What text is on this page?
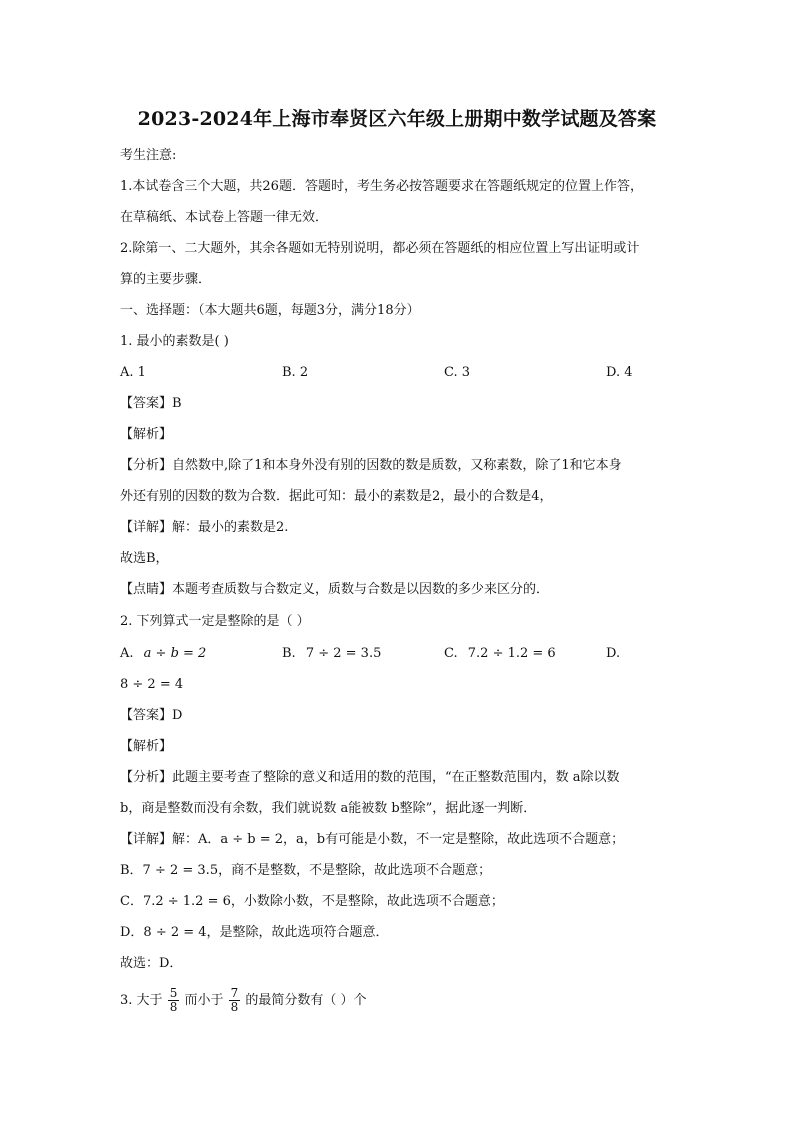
2023-2024年上海市奉贤区六年级上册期中数学试题及答案
考生注意:
1.本试卷含三个大题，共26题．答题时，考生务必按答题要求在答题纸规定的位置上作答，
在草稿纸、本试卷上答题一律无效．
2.除第一、二大题外，其余各题如无特别说明，都必须在答题纸的相应位置上写出证明或计
算的主要步骤．
一、选择题：（本大题共6题，每题3分，满分18分）
1. 最小的素数是( )
A. 1	B. 2	C. 3	D. 4
【答案】B
【解析】
【分析】自然数中,除了1和本身外没有别的因数的数是质数，又称素数，除了1和它本身
外还有别的因数的数为合数．据此可知：最小的素数是2，最小的合数是4，
【详解】解：最小的素数是2.
故选B，
【点睛】本题考查质数与合数定义，质数与合数是以因数的多少来区分的．
2. 下列算式一定是整除的是（ ）
A. a ÷ b = 2	B. 7 ÷ 2 = 3.5	C. 7.2 ÷ 1.2 = 6	D.
8 ÷ 2 = 4
【答案】D
【解析】
【分析】此题主要考查了整除的意义和适用的数的范围，“在正整数范围内，数 a除以数
b，商是整数而没有余数，我们就说数 a能被数 b整除”，据此逐一判断．
【详解】解：A．a ÷ b = 2，a，b有可能是小数，不一定是整除，故此选项不合题意；
B．7 ÷ 2 = 3.5，商不是整数，不是整除，故此选项不合题意；
C．7.2 ÷ 1.2 = 6，小数除小数，不是整除，故此选项不合题意；
D．8 ÷ 2 = 4，是整除，故此选项符合题意．
故选：D．
3. 大于 $\frac{5}{8}$ 而小于 $\frac{7}{8}$ 的最简分数有（ ）个
